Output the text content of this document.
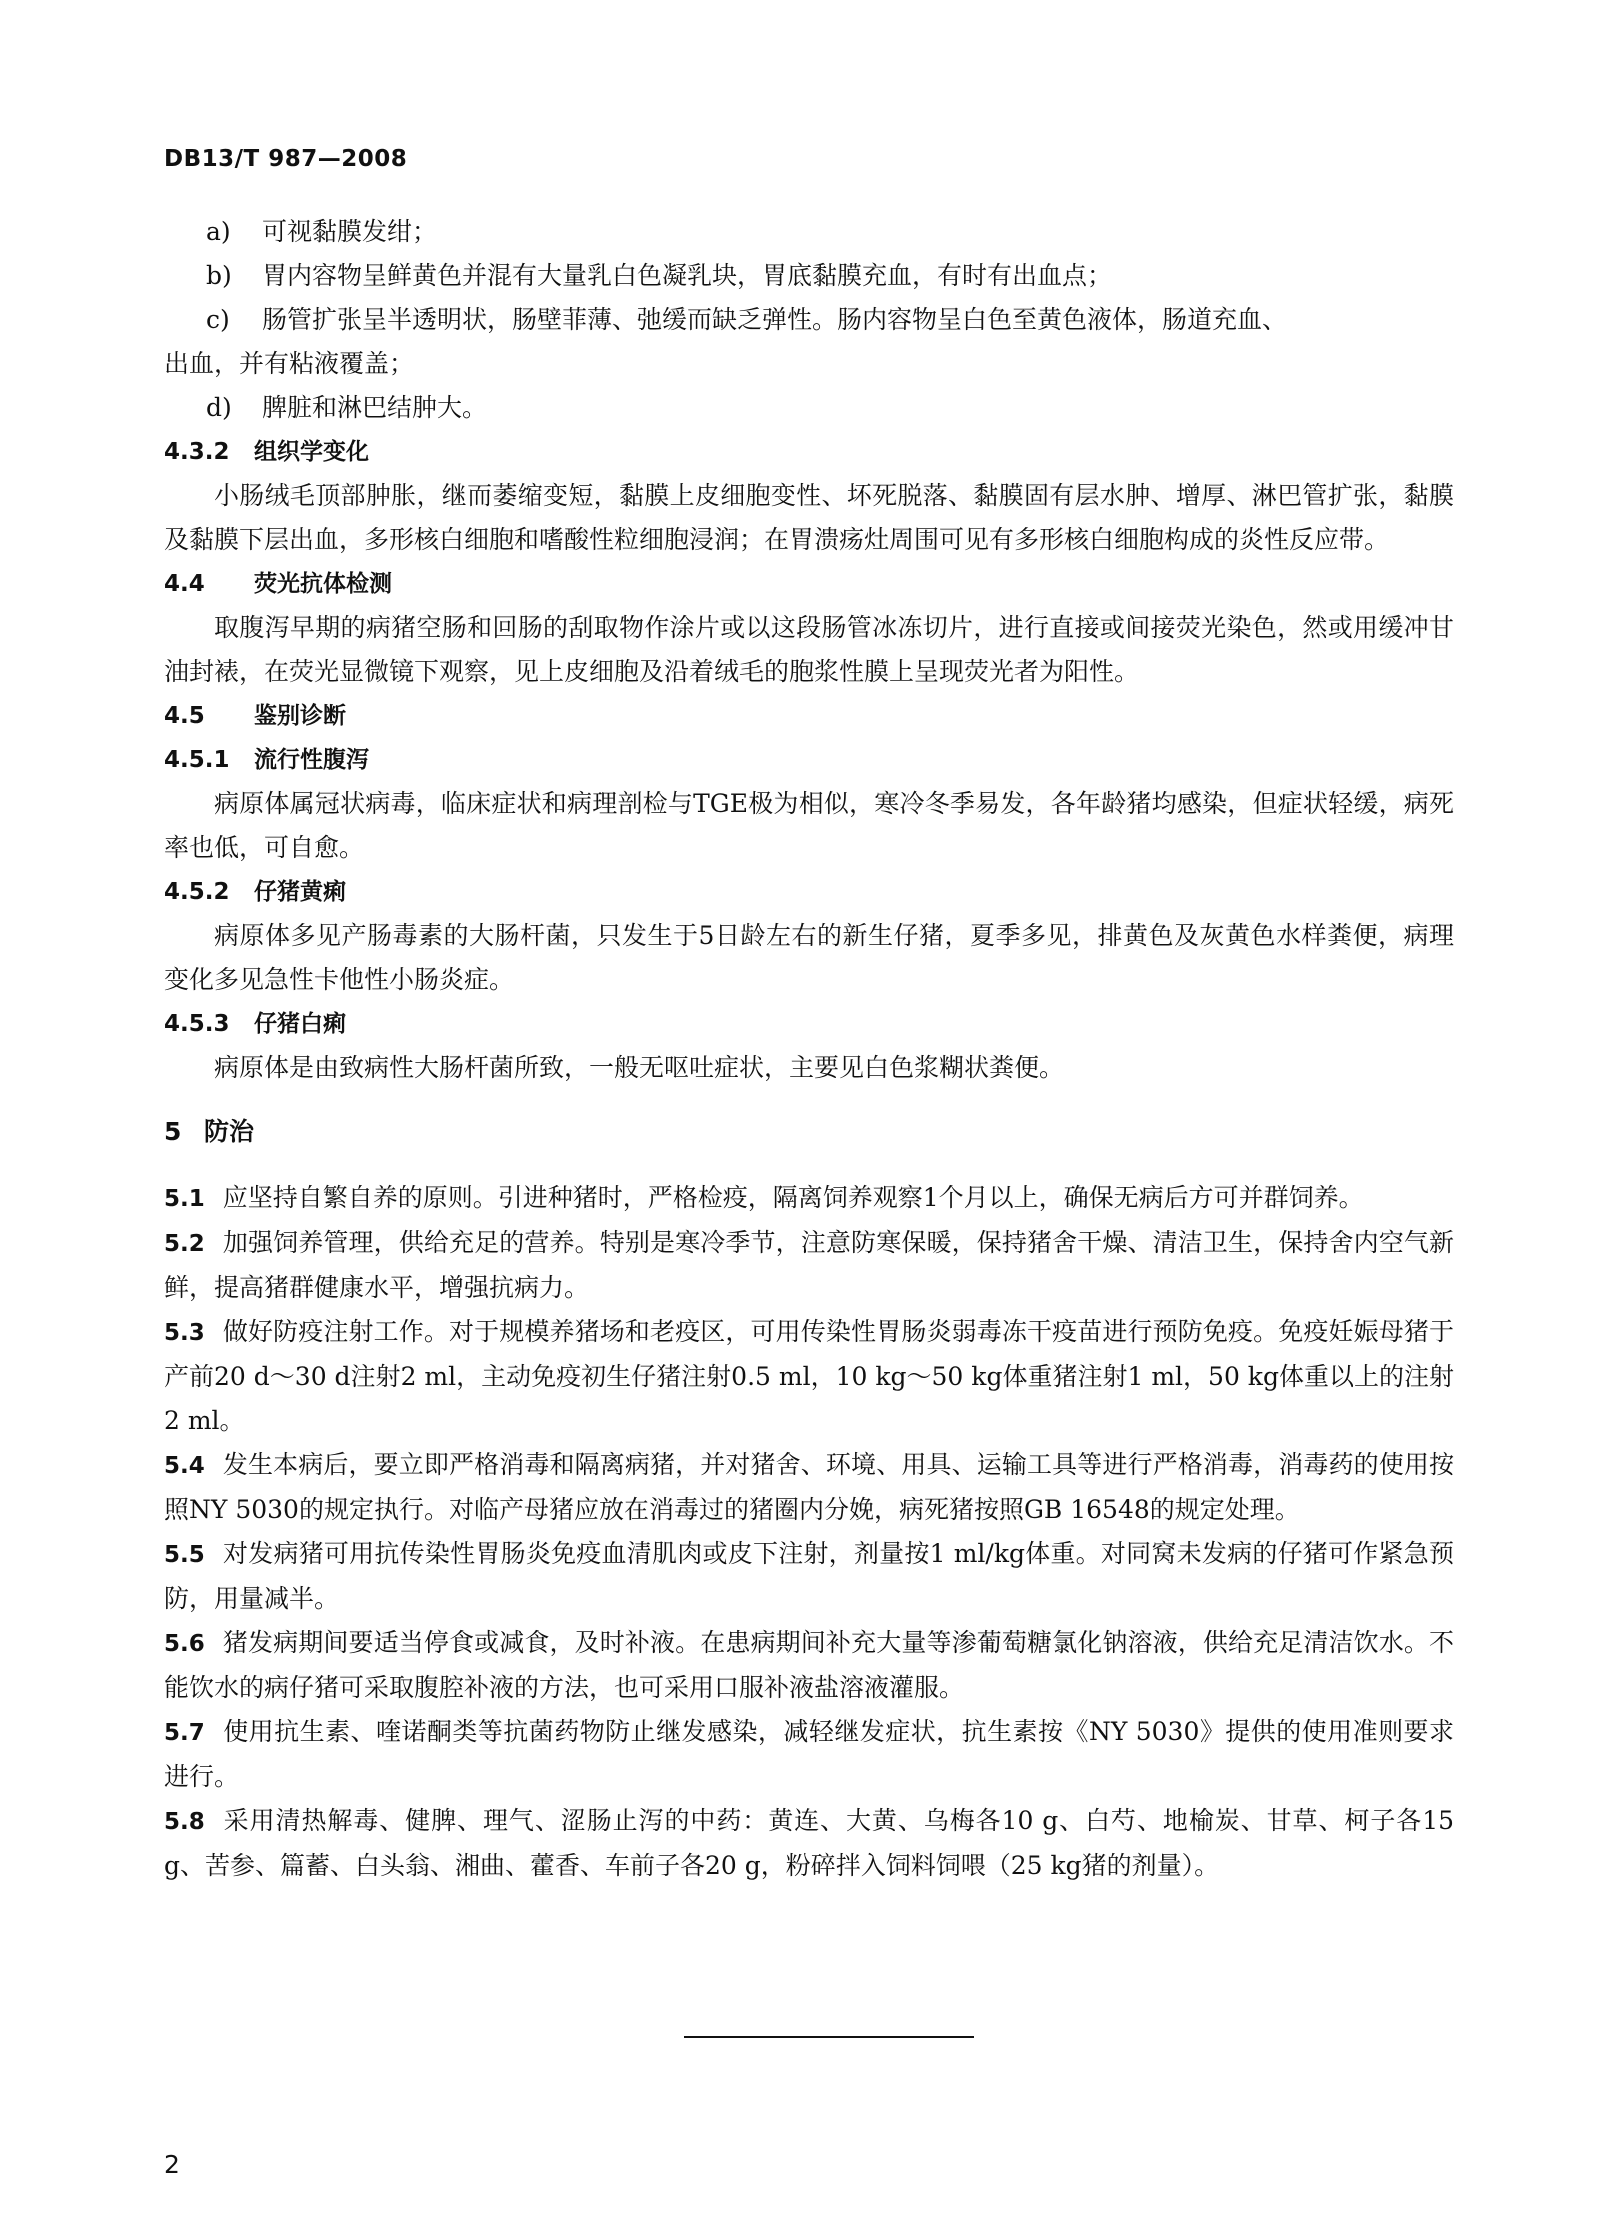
DB13/T 987—2008

a) 可视黏膜发绀；

b) 胃内容物呈鲜黄色并混有大量乳白色凝乳块，胃底黏膜充血，有时有出血点；

c) 肠管扩张呈半透明状，肠壁菲薄、弛缓而缺乏弹性。肠内容物呈白色至黄色液体，肠道充血、

出血，并有粘液覆盖；

d) 脾脏和淋巴结肿大。

4.3.2 组织学变化

小肠绒毛顶部肿胀，继而萎缩变短，黏膜上皮细胞变性、坏死脱落、黏膜固有层水肿、增厚、淋巴管扩张，黏膜及黏膜下层出血，多形核白细胞和嗜酸性粒细胞浸润；在胃溃疡灶周围可见有多形核白细胞构成的炎性反应带。

4.4 荧光抗体检测

取腹泻早期的病猪空肠和回肠的刮取物作涂片或以这段肠管冰冻切片，进行直接或间接荧光染色，然或用缓冲甘油封裱，在荧光显微镜下观察，见上皮细胞及沿着绒毛的胞浆性膜上呈现荧光者为阳性。

4.5 鉴别诊断
4.5.1 流行性腹泻

病原体属冠状病毒，临床症状和病理剖检与TGE极为相似，寒冷冬季易发，各年龄猪均感染，但症状轻缓，病死率也低，可自愈。

4.5.2 仔猪黄痢

病原体多见产肠毒素的大肠杆菌，只发生于5日龄左右的新生仔猪，夏季多见，排黄色及灰黄色水样粪便，病理变化多见急性卡他性小肠炎症。

4.5.3 仔猪白痢

病原体是由致病性大肠杆菌所致，一般无呕吐症状，主要见白色浆糊状粪便。

5 防治

5.1 应坚持自繁自养的原则。引进种猪时，严格检疫，隔离饲养观察1个月以上，确保无病后方可并群饲养。

5.2 加强饲养管理，供给充足的营养。特别是寒冷季节，注意防寒保暖，保持猪舍干燥、清洁卫生，保持舍内空气新鲜，提高猪群健康水平，增强抗病力。

5.3 做好防疫注射工作。对于规模养猪场和老疫区，可用传染性胃肠炎弱毒冻干疫苗进行预防免疫。免疫妊娠母猪于产前20 d～30 d注射2 ml，主动免疫初生仔猪注射0.5 ml，10 kg～50 kg体重猪注射1 ml，50 kg体重以上的注射2 ml。

5.4 发生本病后，要立即严格消毒和隔离病猪，并对猪舍、环境、用具、运输工具等进行严格消毒，消毒药的使用按照NY 5030的规定执行。对临产母猪应放在消毒过的猪圈内分娩，病死猪按照GB 16548的规定处理。

5.5 对发病猪可用抗传染性胃肠炎免疫血清肌肉或皮下注射，剂量按1 ml/kg体重。对同窝未发病的仔猪可作紧急预防，用量减半。

5.6 猪发病期间要适当停食或减食，及时补液。在患病期间补充大量等渗葡萄糖氯化钠溶液，供给充足清洁饮水。不能饮水的病仔猪可采取腹腔补液的方法，也可采用口服补液盐溶液灌服。

5.7 使用抗生素、喹诺酮类等抗菌药物防止继发感染，减轻继发症状，抗生素按《NY 5030》提供的使用准则要求进行。

5.8 采用清热解毒、健脾、理气、涩肠止泻的中药：黄连、大黄、乌梅各10 g、白芍、地榆炭、甘草、柯子各15 g、苦参、篇蓄、白头翁、湘曲、藿香、车前子各20 g，粉碎拌入饲料饲喂（25 kg猪的剂量）。

2
